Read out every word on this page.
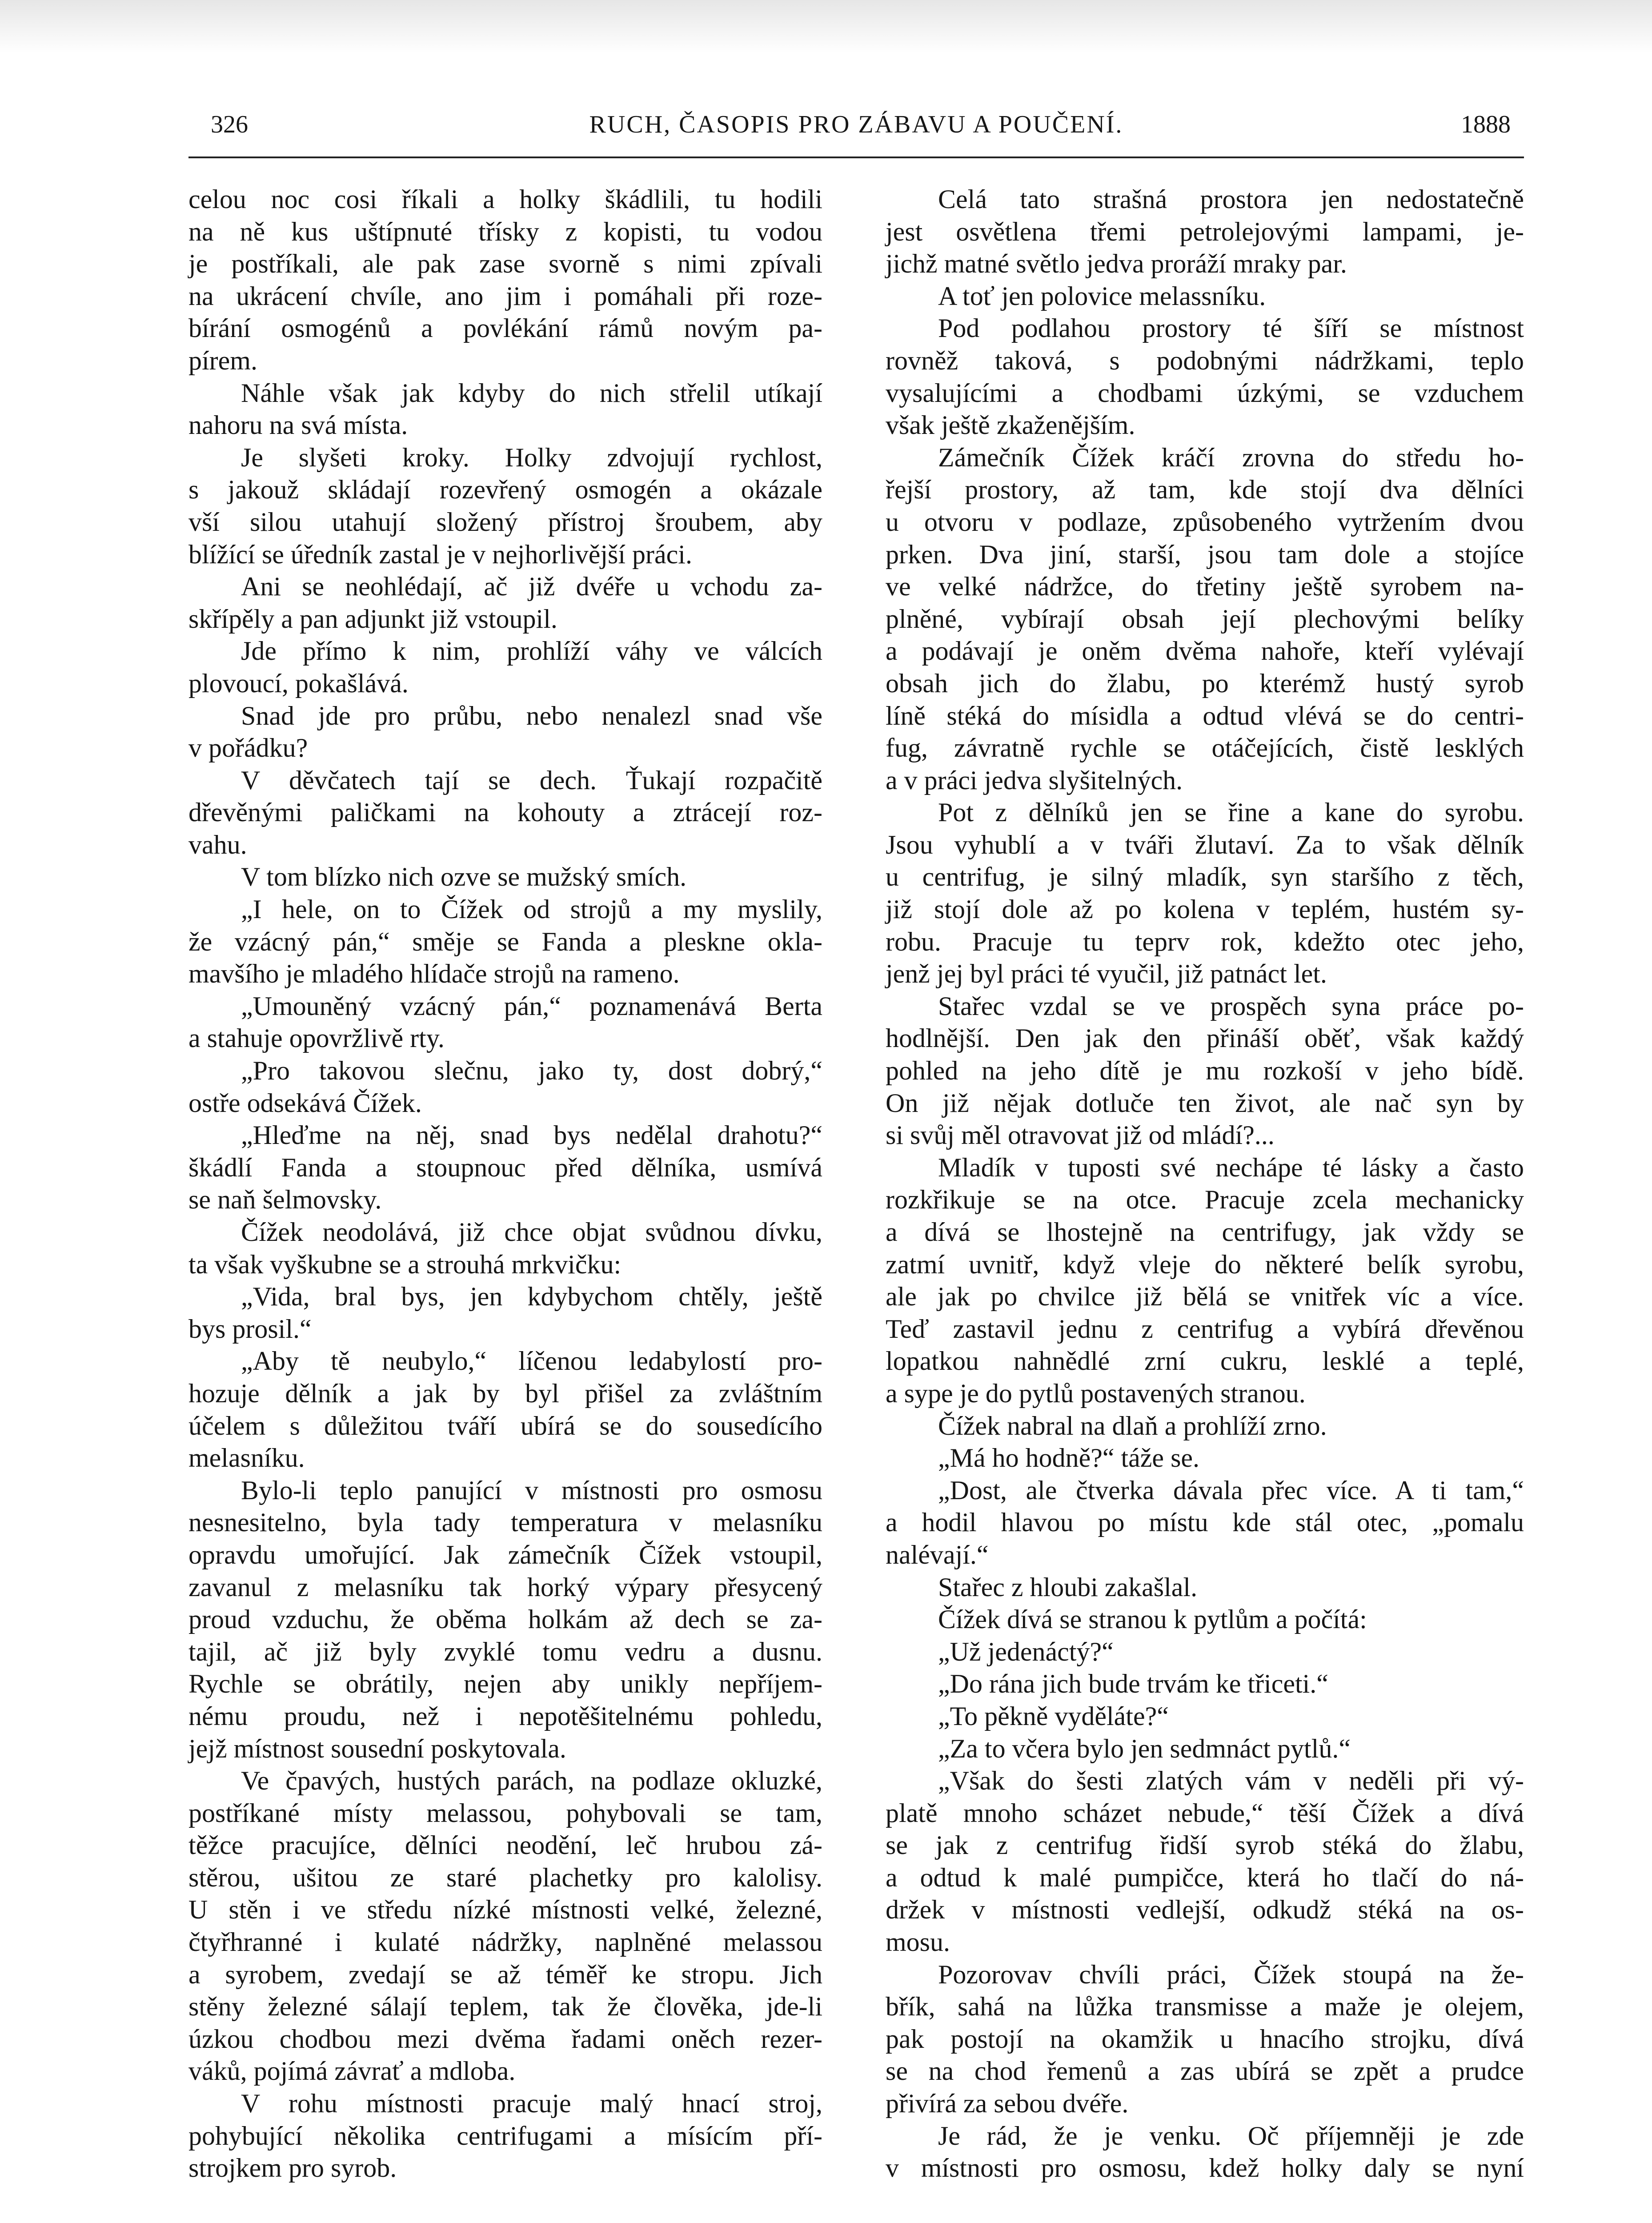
326	RUCH, ČASOPIS PRO ZÁBAVU A POUČENÍ.	1888
celou noc cosi říkali a holky škádlili, tu hodili
na ně kus uštípnuté třísky z kopisti, tu vodou
je postříkali, ale pak zase svorně s nimi zpívali
na ukrácení chvíle, ano jim i pomáhali při roze-
bírání osmogénů a povlékání rámů novým pa-
pírem.
Náhle však jak kdyby do nich střelil utíkají
nahoru na svá místa.
Je slyšeti kroky. Holky zdvojují rychlost,
s jakouž skládají rozevřený osmogén a okázale
vší silou utahují složený přístroj šroubem, aby
blížící se úředník zastal je v nejhorlivější práci.
Ani se neohlédají, ač již dvéře u vchodu za-
skřípěly a pan adjunkt již vstoupil.
Jde přímo k nim, prohlíží váhy ve válcích
plovoucí, pokašlává.
Snad jde pro průbu, nebo nenalezl snad vše
v pořádku?
V děvčatech tají se dech. Ťukají rozpačitě
dřevěnými paličkami na kohouty a ztrácejí roz-
vahu.
V tom blízko nich ozve se mužský smích.
„I hele, on to Čížek od strojů a my myslily,
že vzácný pán,“ směje se Fanda a pleskne okla-
mavšího je mladého hlídače strojů na rameno.
„Umouněný vzácný pán,“ poznamenává Berta
a stahuje opovržlivě rty.
„Pro takovou slečnu, jako ty, dost dobrý,“
ostře odsekává Čížek.
„Hleďme na něj, snad bys nedělal drahotu?“
škádlí Fanda a stoupnouc před dělníka, usmívá
se naň šelmovsky.
Čížek neodolává, již chce objat svůdnou dívku,
ta však vyškubne se a strouhá mrkvičku:
„Vida, bral bys, jen kdybychom chtěly, ještě
bys prosil.“
„Aby tě neubylo,“ líčenou ledabylostí pro-
hozuje dělník a jak by byl přišel za zvláštním
účelem s důležitou tváří ubírá se do sousedícího
melasníku.
Bylo-li teplo panující v místnosti pro osmosu
nesnesitelno, byla tady temperatura v melasníku
opravdu umořující. Jak zámečník Čížek vstoupil,
zavanul z melasníku tak horký výpary přesycený
proud vzduchu, že oběma holkám až dech se za-
tajil, ač již byly zvyklé tomu vedru a dusnu.
Rychle se obrátily, nejen aby unikly nepříjem-
nému proudu, než i nepotěšitelnému pohledu,
jejž místnost sousední poskytovala.
Ve čpavých, hustých parách, na podlaze okluzké,
postříkané místy melassou, pohybovali se tam,
těžce pracujíce, dělníci neodění, leč hrubou zá-
stěrou, ušitou ze staré plachetky pro kalolisy.
U stěn i ve středu nízké místnosti velké, železné,
čtyřhranné i kulaté nádržky, naplněné melassou
a syrobem, zvedají se až téměř ke stropu. Jich
stěny železné sálají teplem, tak že člověka, jde-li
úzkou chodbou mezi dvěma řadami oněch rezer-
váků, pojímá závrať a mdloba.
V rohu místnosti pracuje malý hnací stroj,
pohybující několika centrifugami a mísícím pří-
strojkem pro syrob.
Celá tato strašná prostora jen nedostatečně
jest osvětlena třemi petrolejovými lampami, je-
jichž matné světlo jedva proráží mraky par.
A toť jen polovice melassníku.
Pod podlahou prostory té šíří se místnost
rovněž taková, s podobnými nádržkami, teplo
vysalujícími a chodbami úzkými, se vzduchem
však ještě zkaženějším.
Zámečník Čížek kráčí zrovna do středu ho-
řejší prostory, až tam, kde stojí dva dělníci
u otvoru v podlaze, způsobeného vytržením dvou
prken. Dva jiní, starší, jsou tam dole a stojíce
ve velké nádržce, do třetiny ještě syrobem na-
plněné, vybírají obsah její plechovými belíky
a podávají je oněm dvěma nahoře, kteří vylévají
obsah jich do žlabu, po kterémž hustý syrob
líně stéká do mísidla a odtud vlévá se do centri-
fug, závratně rychle se otáčejících, čistě lesklých
a v práci jedva slyšitelných.
Pot z dělníků jen se řine a kane do syrobu.
Jsou vyhublí a v tváři žlutaví. Za to však dělník
u centrifug, je silný mladík, syn staršího z těch,
již stojí dole až po kolena v teplém, hustém sy-
robu. Pracuje tu teprv rok, kdežto otec jeho,
jenž jej byl práci té vyučil, již patnáct let.
Stařec vzdal se ve prospěch syna práce po-
hodlnější. Den jak den přináší oběť, však každý
pohled na jeho dítě je mu rozkoší v jeho bídě.
On již nějak dotluče ten život, ale nač syn by
si svůj měl otravovat již od mládí?...
Mladík v tuposti své nechápe té lásky a často
rozkřikuje se na otce. Pracuje zcela mechanicky
a dívá se lhostejně na centrifugy, jak vždy se
zatmí uvnitř, když vleje do některé belík syrobu,
ale jak po chvilce již bělá se vnitřek víc a více.
Teď zastavil jednu z centrifug a vybírá dřevěnou
lopatkou nahnědlé zrní cukru, lesklé a teplé,
a sype je do pytlů postavených stranou.
Čížek nabral na dlaň a prohlíží zrno.
„Má ho hodně?“ táže se.
„Dost, ale čtverka dávala přec více. A ti tam,“
a hodil hlavou po místu kde stál otec, „pomalu
nalévají.“
Stařec z hloubi zakašlal.
Čížek dívá se stranou k pytlům a počítá:
„Už jedenáctý?“
„Do rána jich bude trvám ke třiceti.“
„To pěkně vyděláte?“
„Za to včera bylo jen sedmnáct pytlů.“
„Však do šesti zlatých vám v neděli při vý-
platě mnoho scházet nebude,“ těší Čížek a dívá
se jak z centrifug řidší syrob stéká do žlabu,
a odtud k malé pumpičce, která ho tlačí do ná-
držek v místnosti vedlejší, odkudž stéká na os-
mosu.
Pozorovav chvíli práci, Čížek stoupá na že-
břík, sahá na lůžka transmisse a maže je olejem,
pak postojí na okamžik u hnacího strojku, dívá
se na chod řemenů a zas ubírá se zpět a prudce
přivírá za sebou dvéře.
Je rád, že je venku. Oč příjemněji je zde
v místnosti pro osmosu, kdež holky daly se nyní
